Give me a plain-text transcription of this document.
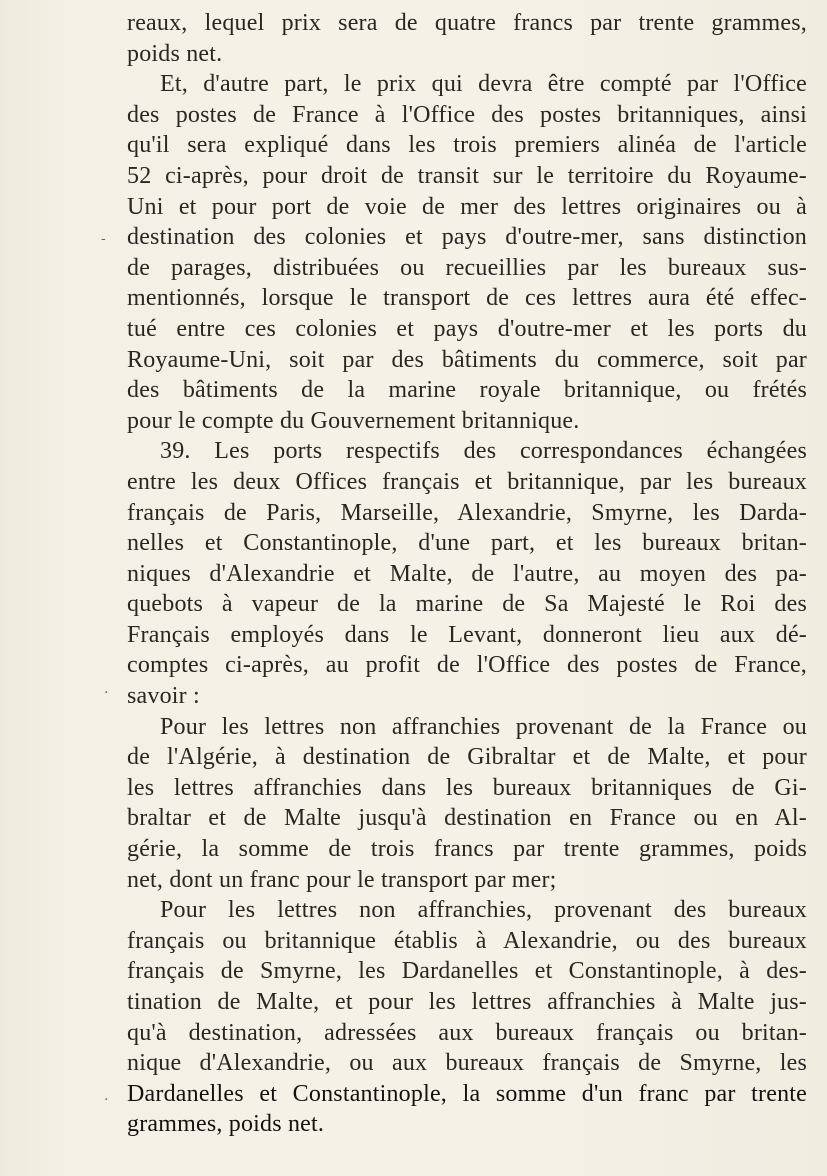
reaux, lequel prix sera de quatre francs par trente grammes,
poids net.
Et, d'autre part, le prix qui devra être compté par l'Office
des postes de France à l'Office des postes britanniques, ainsi
qu'il sera expliqué dans les trois premiers alinéa de l'article
52 ci-après, pour droit de transit sur le territoire du Royaume-
Uni et pour port de voie de mer des lettres originaires ou à
destination des colonies et pays d'outre-mer, sans distinction
de parages, distribuées ou recueillies par les bureaux sus-
mentionnés, lorsque le transport de ces lettres aura été effec-
tué entre ces colonies et pays d'outre-mer et les ports du
Royaume-Uni, soit par des bâtiments du commerce, soit par
des bâtiments de la marine royale britannique, ou frétés
pour le compte du Gouvernement britannique.
39. Les ports respectifs des correspondances échangées
entre les deux Offices français et britannique, par les bureaux
français de Paris, Marseille, Alexandrie, Smyrne, les Darda-
nelles et Constantinople, d'une part, et les bureaux britan-
niques d'Alexandrie et Malte, de l'autre, au moyen des pa-
quebots à vapeur de la marine de Sa Majesté le Roi des
Français employés dans le Levant, donneront lieu aux dé-
comptes ci-après, au profit de l'Office des postes de France,
savoir :
Pour les lettres non affranchies provenant de la France ou
de l'Algérie, à destination de Gibraltar et de Malte, et pour
les lettres affranchies dans les bureaux britanniques de Gi-
braltar et de Malte jusqu'à destination en France ou en Al-
gérie, la somme de trois francs par trente grammes, poids
net, dont un franc pour le transport par mer;
Pour les lettres non affranchies, provenant des bureaux
français ou britannique établis à Alexandrie, ou des bureaux
français de Smyrne, les Dardanelles et Constantinople, à des-
tination de Malte, et pour les lettres affranchies à Malte jus-
qu'à destination, adressées aux bureaux français ou britan-
nique d'Alexandrie, ou aux bureaux français de Smyrne, les
Dardanelles et Constantinople, la somme d'un franc par trente
grammes, poids net.
-
.
.
